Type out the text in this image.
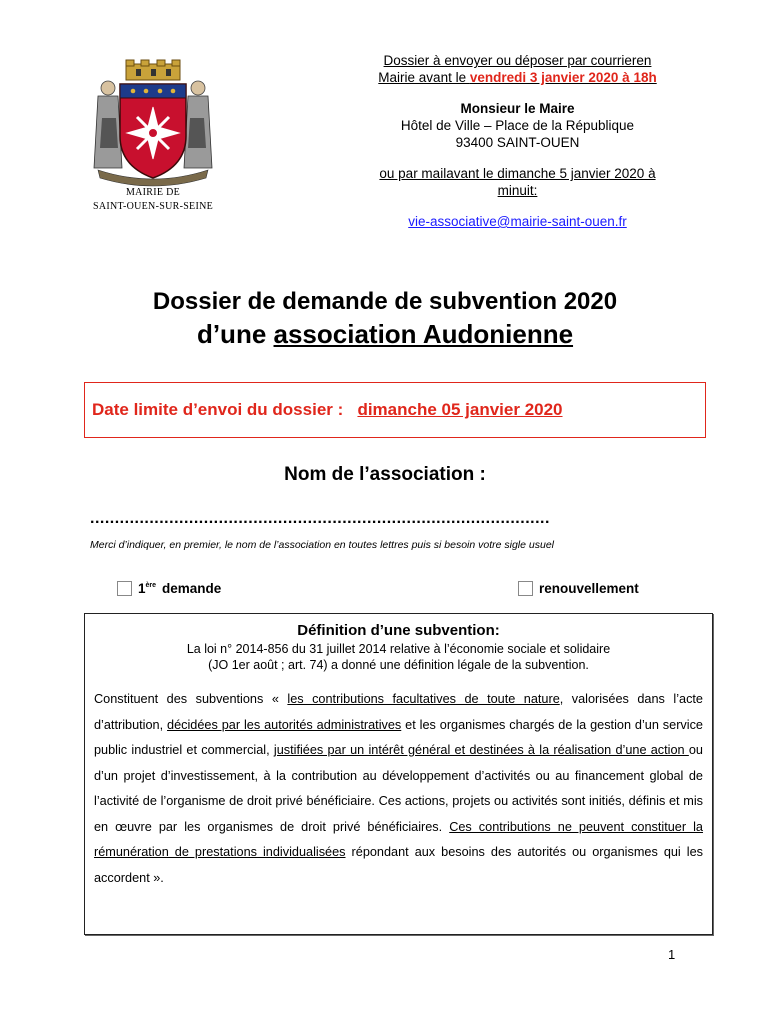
MAIRIE DE
SAINT-OUEN-SUR-SEINE
Dossier à envoyer ou déposer par courrieren
Mairie avant le vendredi 3 janvier 2020 à 18h
Monsieur le Maire
Hôtel de Ville – Place de la République
93400 SAINT-OUEN
ou par mailavant le dimanche 5 janvier 2020 à
minuit:
vie-associative@mairie-saint-ouen.fr
Dossier de demande de subvention 2020
d’une association Audonienne
Date limite d’envoi du dossier :   dimanche 05 janvier 2020
Nom de l’association :
.............................................................................................
Merci d’indiquer, en premier, le nom de l’association en toutes lettres puis si besoin votre sigle usuel
1ère demande	renouvellement
Définition d’une subvention:
La loi n° 2014-856 du 31 juillet 2014 relative à l’économie sociale et solidaire
(JO 1er août ; art. 74) a donné une définition légale de la subvention.
Constituent des subventions « les contributions facultatives de toute nature, valorisées dans l’acte d’attribution, décidées par les autorités administratives et les organismes chargés de la gestion d’un service public industriel et commercial, justifiées par un intérêt général et destinées à la réalisation d’une action ou d’un projet d’investissement, à la contribution au développement d’activités ou au financement global de l’activité de l’organisme de droit privé bénéficiaire. Ces actions, projets ou activités sont initiés, définis et mis en œuvre par les organismes de droit privé bénéficiaires. Ces contributions ne peuvent constituer la rémunération de prestations individualisées répondant aux besoins des autorités ou organismes qui les accordent ».
1
